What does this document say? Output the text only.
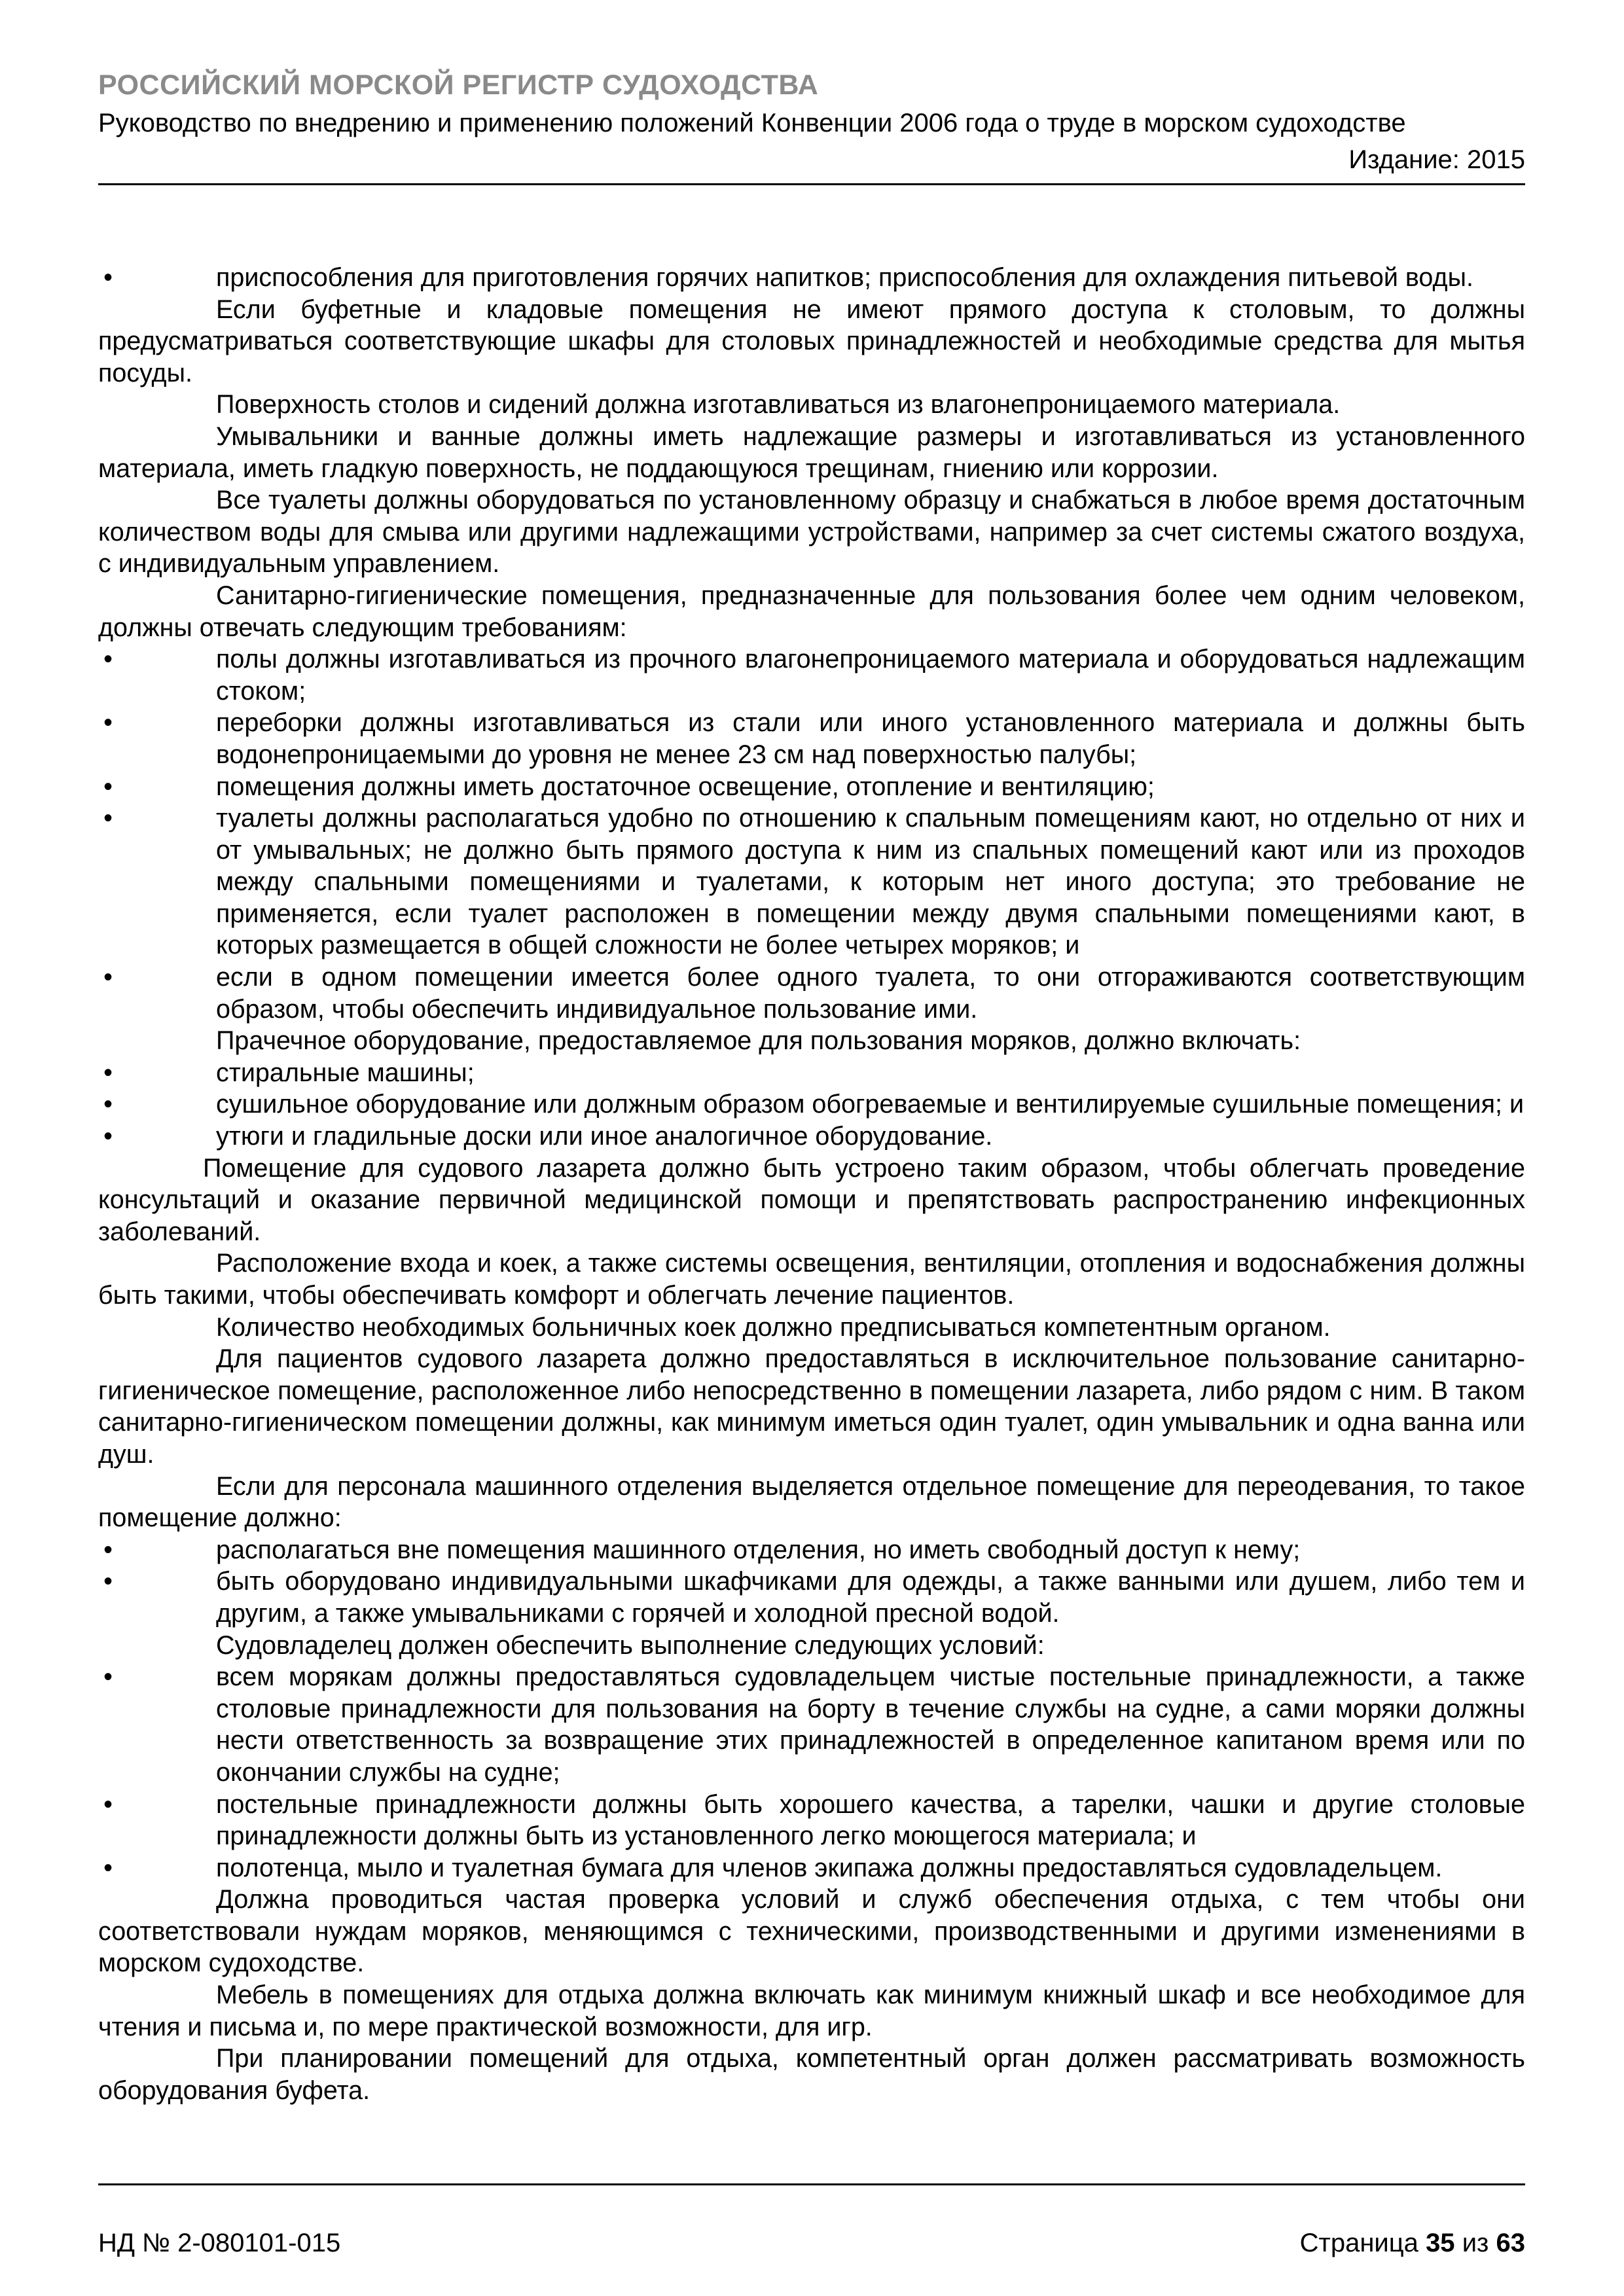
РОССИЙСКИЙ МОРСКОЙ РЕГИСТР СУДОХОДСТВА
Руководство по внедрению и применению положений Конвенции 2006 года о труде в морском судоходстве
Издание: 2015
•	приспособления для приготовления горячих напитков; приспособления для охлаждения питьевой воды.

Если буфетные и кладовые помещения не имеют прямого доступа к столовым, то должны предусматриваться соответствующие шкафы для столовых принадлежностей и необходимые средства для мытья посуды.

Поверхность столов и сидений должна изготавливаться из влагонепроницаемого материала.

Умывальники и ванные должны иметь надлежащие размеры и изготавливаться из установленного материала, иметь гладкую поверхность, не поддающуюся трещинам, гниению или коррозии.

Все туалеты должны оборудоваться по установленному образцу и снабжаться в любое время достаточным количеством воды для смыва или другими надлежащими устройствами, например за счет системы сжатого воздуха, с индивидуальным управлением.

Санитарно-гигиенические помещения, предназначенные для пользования более чем одним человеком, должны отвечать следующим требованиям:

•	полы должны изготавливаться из прочного влагонепроницаемого материала и оборудоваться надлежащим стоком;
•	переборки должны изготавливаться из стали или иного установленного материала и должны быть водонепроницаемыми до уровня не менее 23 см над поверхностью палубы;
•	помещения должны иметь достаточное освещение, отопление и вентиляцию;
•	туалеты должны располагаться удобно по отношению к спальным помещениям кают, но отдельно от них и от умывальных; не должно быть прямого доступа к ним из спальных помещений кают или из проходов между спальными помещениями и туалетами, к которым нет иного доступа; это требование не применяется, если туалет расположен в помещении между двумя спальными помещениями кают, в которых размещается в общей сложности не более четырех моряков; и
•	если в одном помещении имеется более одного туалета, то они отгораживаются соответствующим образом, чтобы обеспечить индивидуальное пользование ими.

Прачечное оборудование, предоставляемое для пользования моряков, должно включать:

•	стиральные машины;
•	сушильное оборудование или должным образом обогреваемые и вентилируемые сушильные помещения; и
•	утюги и гладильные доски или иное аналогичное оборудование.

Помещение для судового лазарета должно быть устроено таким образом, чтобы облегчать проведение консультаций и оказание первичной медицинской помощи и препятствовать распространению инфекционных заболеваний.

Расположение входа и коек, а также системы освещения, вентиляции, отопления и водоснабжения должны быть такими, чтобы обеспечивать комфорт и облегчать лечение пациентов.

Количество необходимых больничных коек должно предписываться компетентным органом.

Для пациентов судового лазарета должно предоставляться в исключительное пользование санитарно-гигиеническое помещение, расположенное либо непосредственно в помещении лазарета, либо рядом с ним. В таком санитарно-гигиеническом помещении должны, как минимум иметься один туалет, один умывальник и одна ванна или душ.

Если для персонала машинного отделения выделяется отдельное помещение для переодевания, то такое помещение должно:

•	располагаться вне помещения машинного отделения, но иметь свободный доступ к нему;
•	быть оборудовано индивидуальными шкафчиками для одежды, а также ванными или душем, либо тем и другим, а также умывальниками с горячей и холодной пресной водой.

Судовладелец должен обеспечить выполнение следующих условий:

•	всем морякам должны предоставляться судовладельцем чистые постельные принадлежности, а также столовые принадлежности для пользования на борту в течение службы на судне, а сами моряки должны нести ответственность за возвращение этих принадлежностей в определенное капитаном время или по окончании службы на судне;
•	постельные принадлежности должны быть хорошего качества, а тарелки, чашки и другие столовые принадлежности должны быть из установленного легко моющегося материала; и
•	полотенца, мыло и туалетная бумага для членов экипажа должны предоставляться судовладельцем.

Должна проводиться частая проверка условий и служб обеспечения отдыха, с тем чтобы они соответствовали нуждам моряков, меняющимся с техническими, производственными и другими изменениями в морском судоходстве.

Мебель в помещениях для отдыха должна включать как минимум книжный шкаф и все необходимое для чтения и письма и, по мере практической возможности, для игр.

При планировании помещений для отдыха, компетентный орган должен рассматривать возможность оборудования буфета.

НД № 2-080101-015	Страница 35 из 63
